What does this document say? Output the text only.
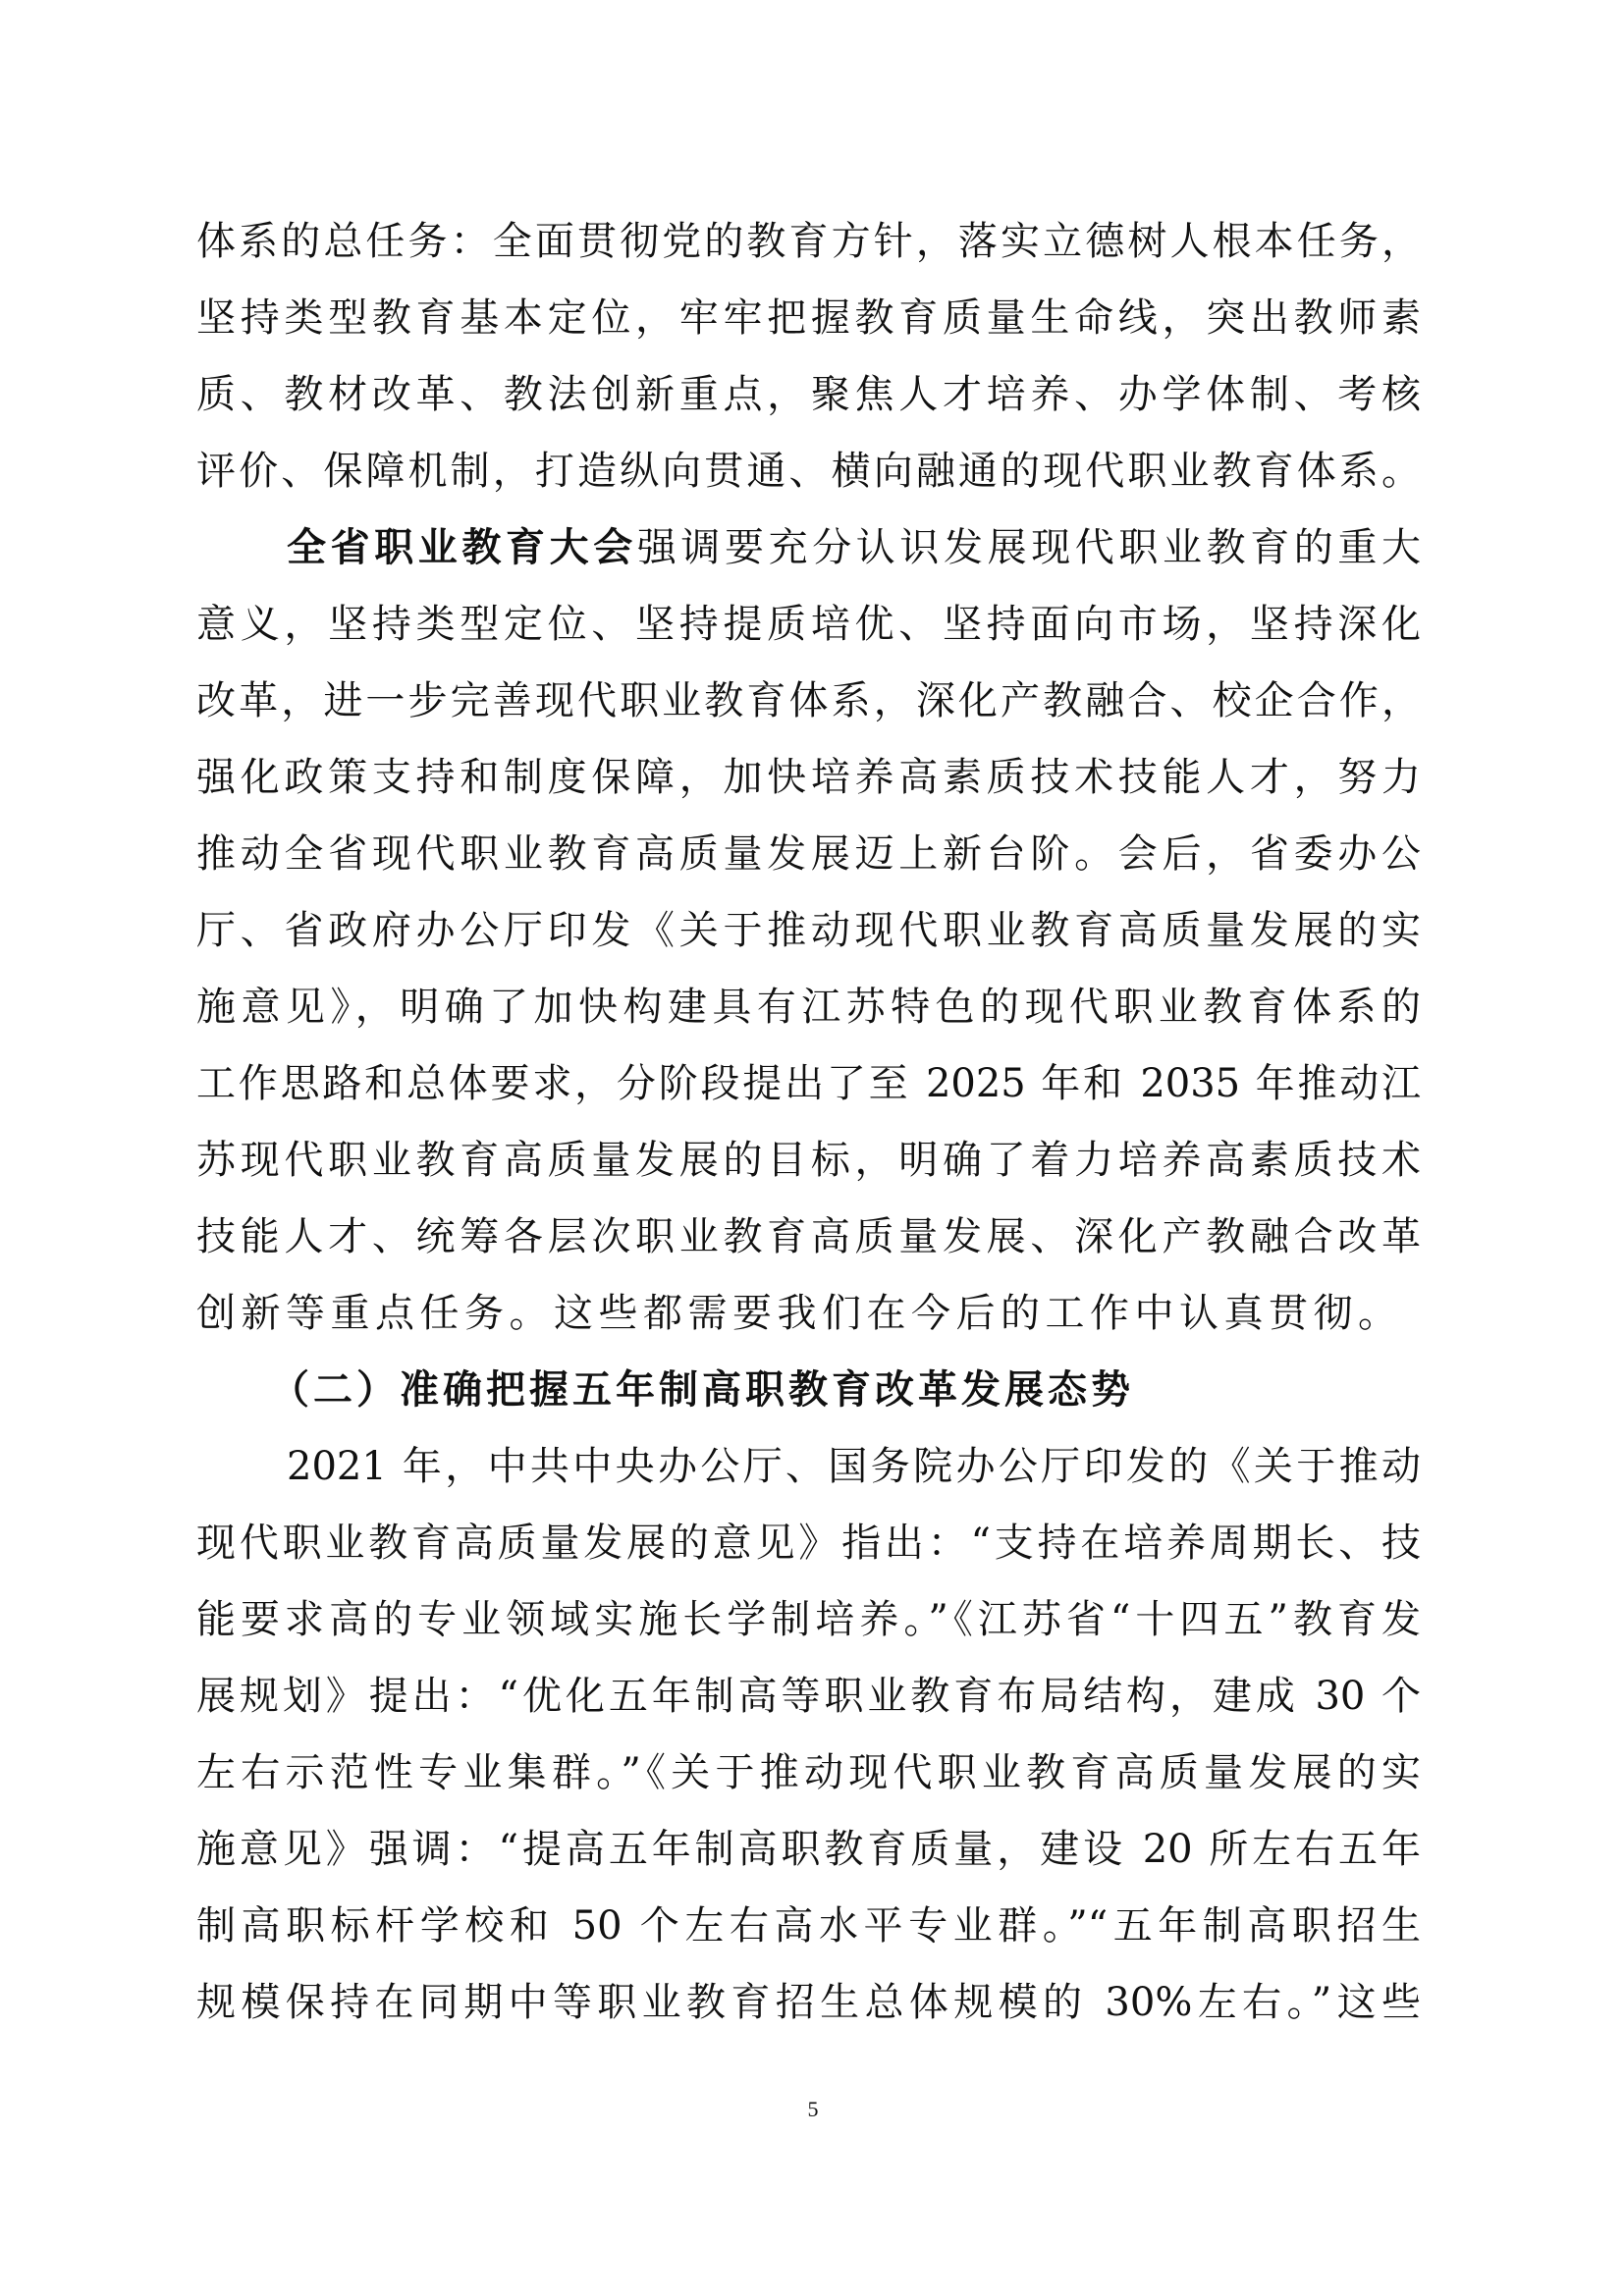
体系的总任务：全面贯彻党的教育方针，落实立德树人根本任务，
坚持类型教育基本定位，牢牢把握教育质量生命线，突出教师素
质、教材改革、教法创新重点，聚焦人才培养、办学体制、考核
评价、保障机制，打造纵向贯通、横向融通的现代职业教育体系。
全省职业教育大会强调要充分认识发展现代职业教育的重大
意义，坚持类型定位、坚持提质培优、坚持面向市场，坚持深化
改革，进一步完善现代职业教育体系，深化产教融合、校企合作，
强化政策支持和制度保障，加快培养高素质技术技能人才，努力
推动全省现代职业教育高质量发展迈上新台阶。会后，省委办公
厅、省政府办公厅印发《关于推动现代职业教育高质量发展的实
施意见》，明确了加快构建具有江苏特色的现代职业教育体系的
工作思路和总体要求，分阶段提出了至 2025 年和 2035 年推动江
苏现代职业教育高质量发展的目标，明确了着力培养高素质技术
技能人才、统筹各层次职业教育高质量发展、深化产教融合改革
创新等重点任务。这些都需要我们在今后的工作中认真贯彻。
（二）准确把握五年制高职教育改革发展态势
2021 年，中共中央办公厅、国务院办公厅印发的《关于推动
现代职业教育高质量发展的意见》指出：“支持在培养周期长、技
能要求高的专业领域实施长学制培养。”《江苏省“十四五”教育发
展规划》提出：“优化五年制高等职业教育布局结构，建成 30 个
左右示范性专业集群。”《关于推动现代职业教育高质量发展的实
施意见》强调：“提高五年制高职教育质量，建设 20 所左右五年
制高职标杆学校和 50 个左右高水平专业群。”“五年制高职招生
规模保持在同期中等职业教育招生总体规模的 30%左右。”这些
5
